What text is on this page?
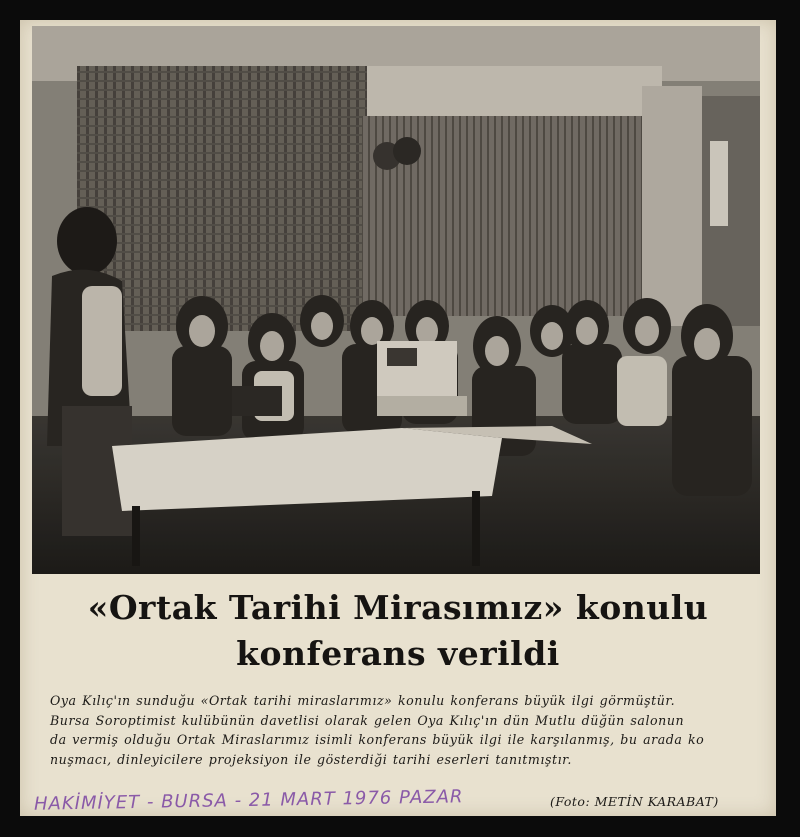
«Ortak Tarihi Mirasımız» konulu
konferans verildi
Oya Kılıç'ın sunduğu «Ortak tarihi miraslarımız» konulu konferans büyük ilgi görmüştür.
Bursa Soroptimist kulübünün davetlisi olarak gelen Oya Kılıç'ın dün Mutlu düğün salonun
da vermiş olduğu Ortak Miraslarımız isimli konferans büyük ilgi ile karşılanmış, bu arada ko
nuşmacı, dinleyicilere projeksiyon ile gösterdiği tarihi eserleri tanıtmıştır.
HAKİMİYET - BURSA - 21 MART 1976 PAZAR	(Foto: METİN KARABAT)
